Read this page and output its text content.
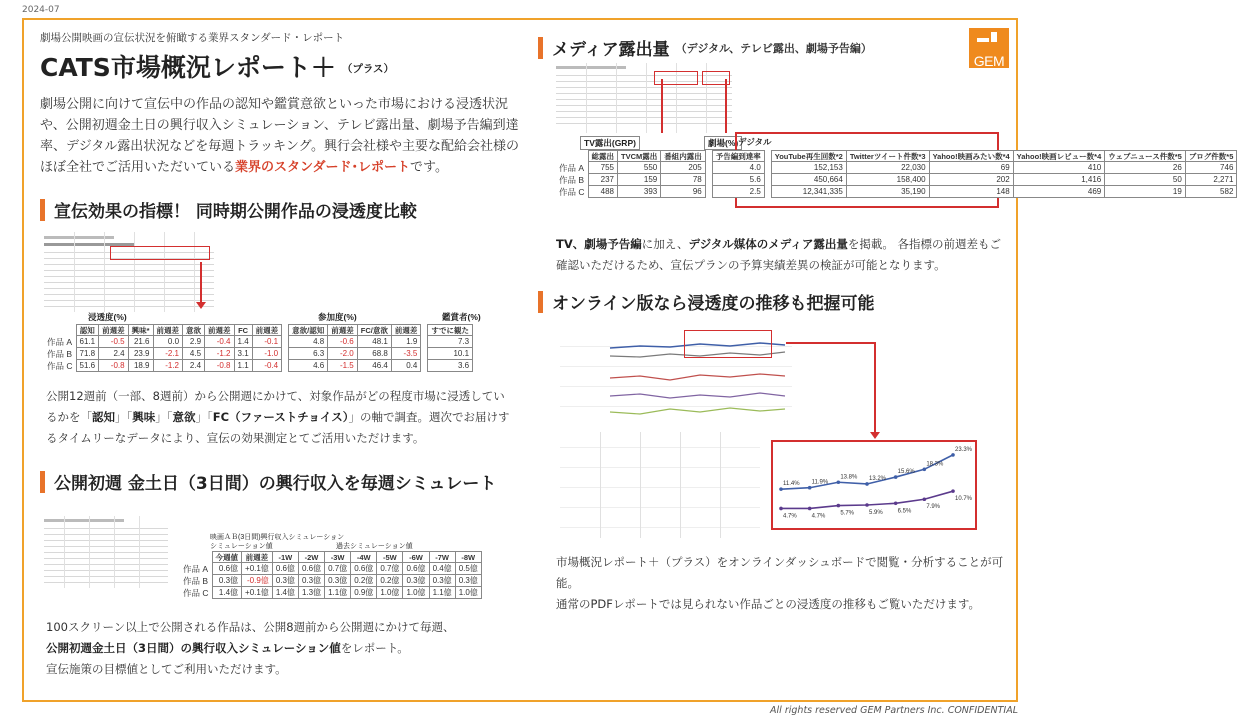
2024-07
GEM
劇場公開映画の宣伝状況を俯瞰する業界スタンダード・レポート
CATS市場概況レポート＋ （プラス）
劇場公開に向けて宣伝中の作品の認知や鑑賞意欲といった市場における浸透状況や、公開初週金土日の興行収入シミュレーション、テレビ露出量、劇場予告編到達率、デジタル露出状況などを毎週トラッキング。興行会社様や主要な配給会社様のほぼ全社でご活用いただいている業界のスタンダード･レポートです。
宣伝効果の指標！ 同時期公開作品の浸透度比較
浸透度(%)	参加度(%)	鑑賞者(%)
	認知	前週差	興味*	前週差	意欲	前週差	FC	前週差		意欲/認知	前週差	FC/意欲	前週差		すでに観た
作品 A	61.1	-0.5	21.6	0.0	2.9	-0.4	1.4	-0.1		4.8	-0.6	48.1	1.9		7.3
作品 B	71.8	2.4	23.9	-2.1	4.5	-1.2	3.1	-1.0		6.3	-2.0	68.8	-3.5		10.1
作品 C	51.6	-0.8	18.9	-1.2	2.4	-0.8	1.1	-0.4		4.6	-1.5	46.4	0.4		3.6
公開12週前（一部、8週前）から公開週にかけて、対象作品がどの程度市場に浸透しているかを「認知」「興味」「意欲」「FC（ファーストチョイス）」の軸で調査。週次でお届けするタイムリーなデータにより、宣伝の効果測定とてご活用いただけます。
公開初週 金土日（3日間）の興行収入を毎週シミュレート
映画ＡＢ(3日間)興行収入シミュレーション
シミュレーション値	過去シミュレーション値
	今週値	前週差	-1W	-2W	-3W	-4W	-5W	-6W	-7W	-8W
作品 A	0.6億	+0.1億	0.6億	0.6億	0.7億	0.6億	0.7億	0.6億	0.4億	0.5億
作品 B	0.3億	-0.9億	0.3億	0.3億	0.3億	0.2億	0.2億	0.3億	0.3億	0.3億
作品 C	1.4億	+0.1億	1.4億	1.3億	1.1億	0.9億	1.0億	1.0億	1.1億	1.0億
100スクリーン以上で公開される作品は、公開8週前から公開週にかけて毎週、
公開初週金土日（3日間）の興行収入シミュレーション値をレポート。
宣伝施策の目標値としてご利用いただけます。
メディア露出量 （デジタル、テレビ露出、劇場予告編）
TV露出(GRP)	劇場(%) デジタル
	総露出	TVCM露出	番組内露出		予告編到達率		YouTube再生回数*2	Twitterツイート件数*3	Yahoo!映画みたい数*4	Yahoo!映画レビュー数*4	ウェブニュース件数*5	ブログ件数*5
作品 A	755	550	205		4.0		152,153	22,030	69	410	26	746
作品 B	237	159	78		5.6		450,664	158,400	202	1,416	50	2,271
作品 C	488	393	96		2.5		12,341,335	35,190	148	469	19	582
TV、劇場予告編に加え、デジタル媒体のメディア露出量を掲載。 各指標の前週差もご確認いただけるため、宣伝プランの予算実績差異の検証が可能となります。
オンライン版なら浸透度の推移も把握可能
11.4% 11.9%
13.8% 13.2%
15.6%
18.3%
23.3%
4.7% 4.7% 5.7% 5.9% 6.5%
7.9%
10.7%
市場概況レポート＋（プラス）をオンラインダッシュボードで閲覧・分析することが可能。
通常のPDFレポートでは見られない作品ごとの浸透度の推移もご覧いただけます。
All rights reserved GEM Partners Inc. CONFIDENTIAL
